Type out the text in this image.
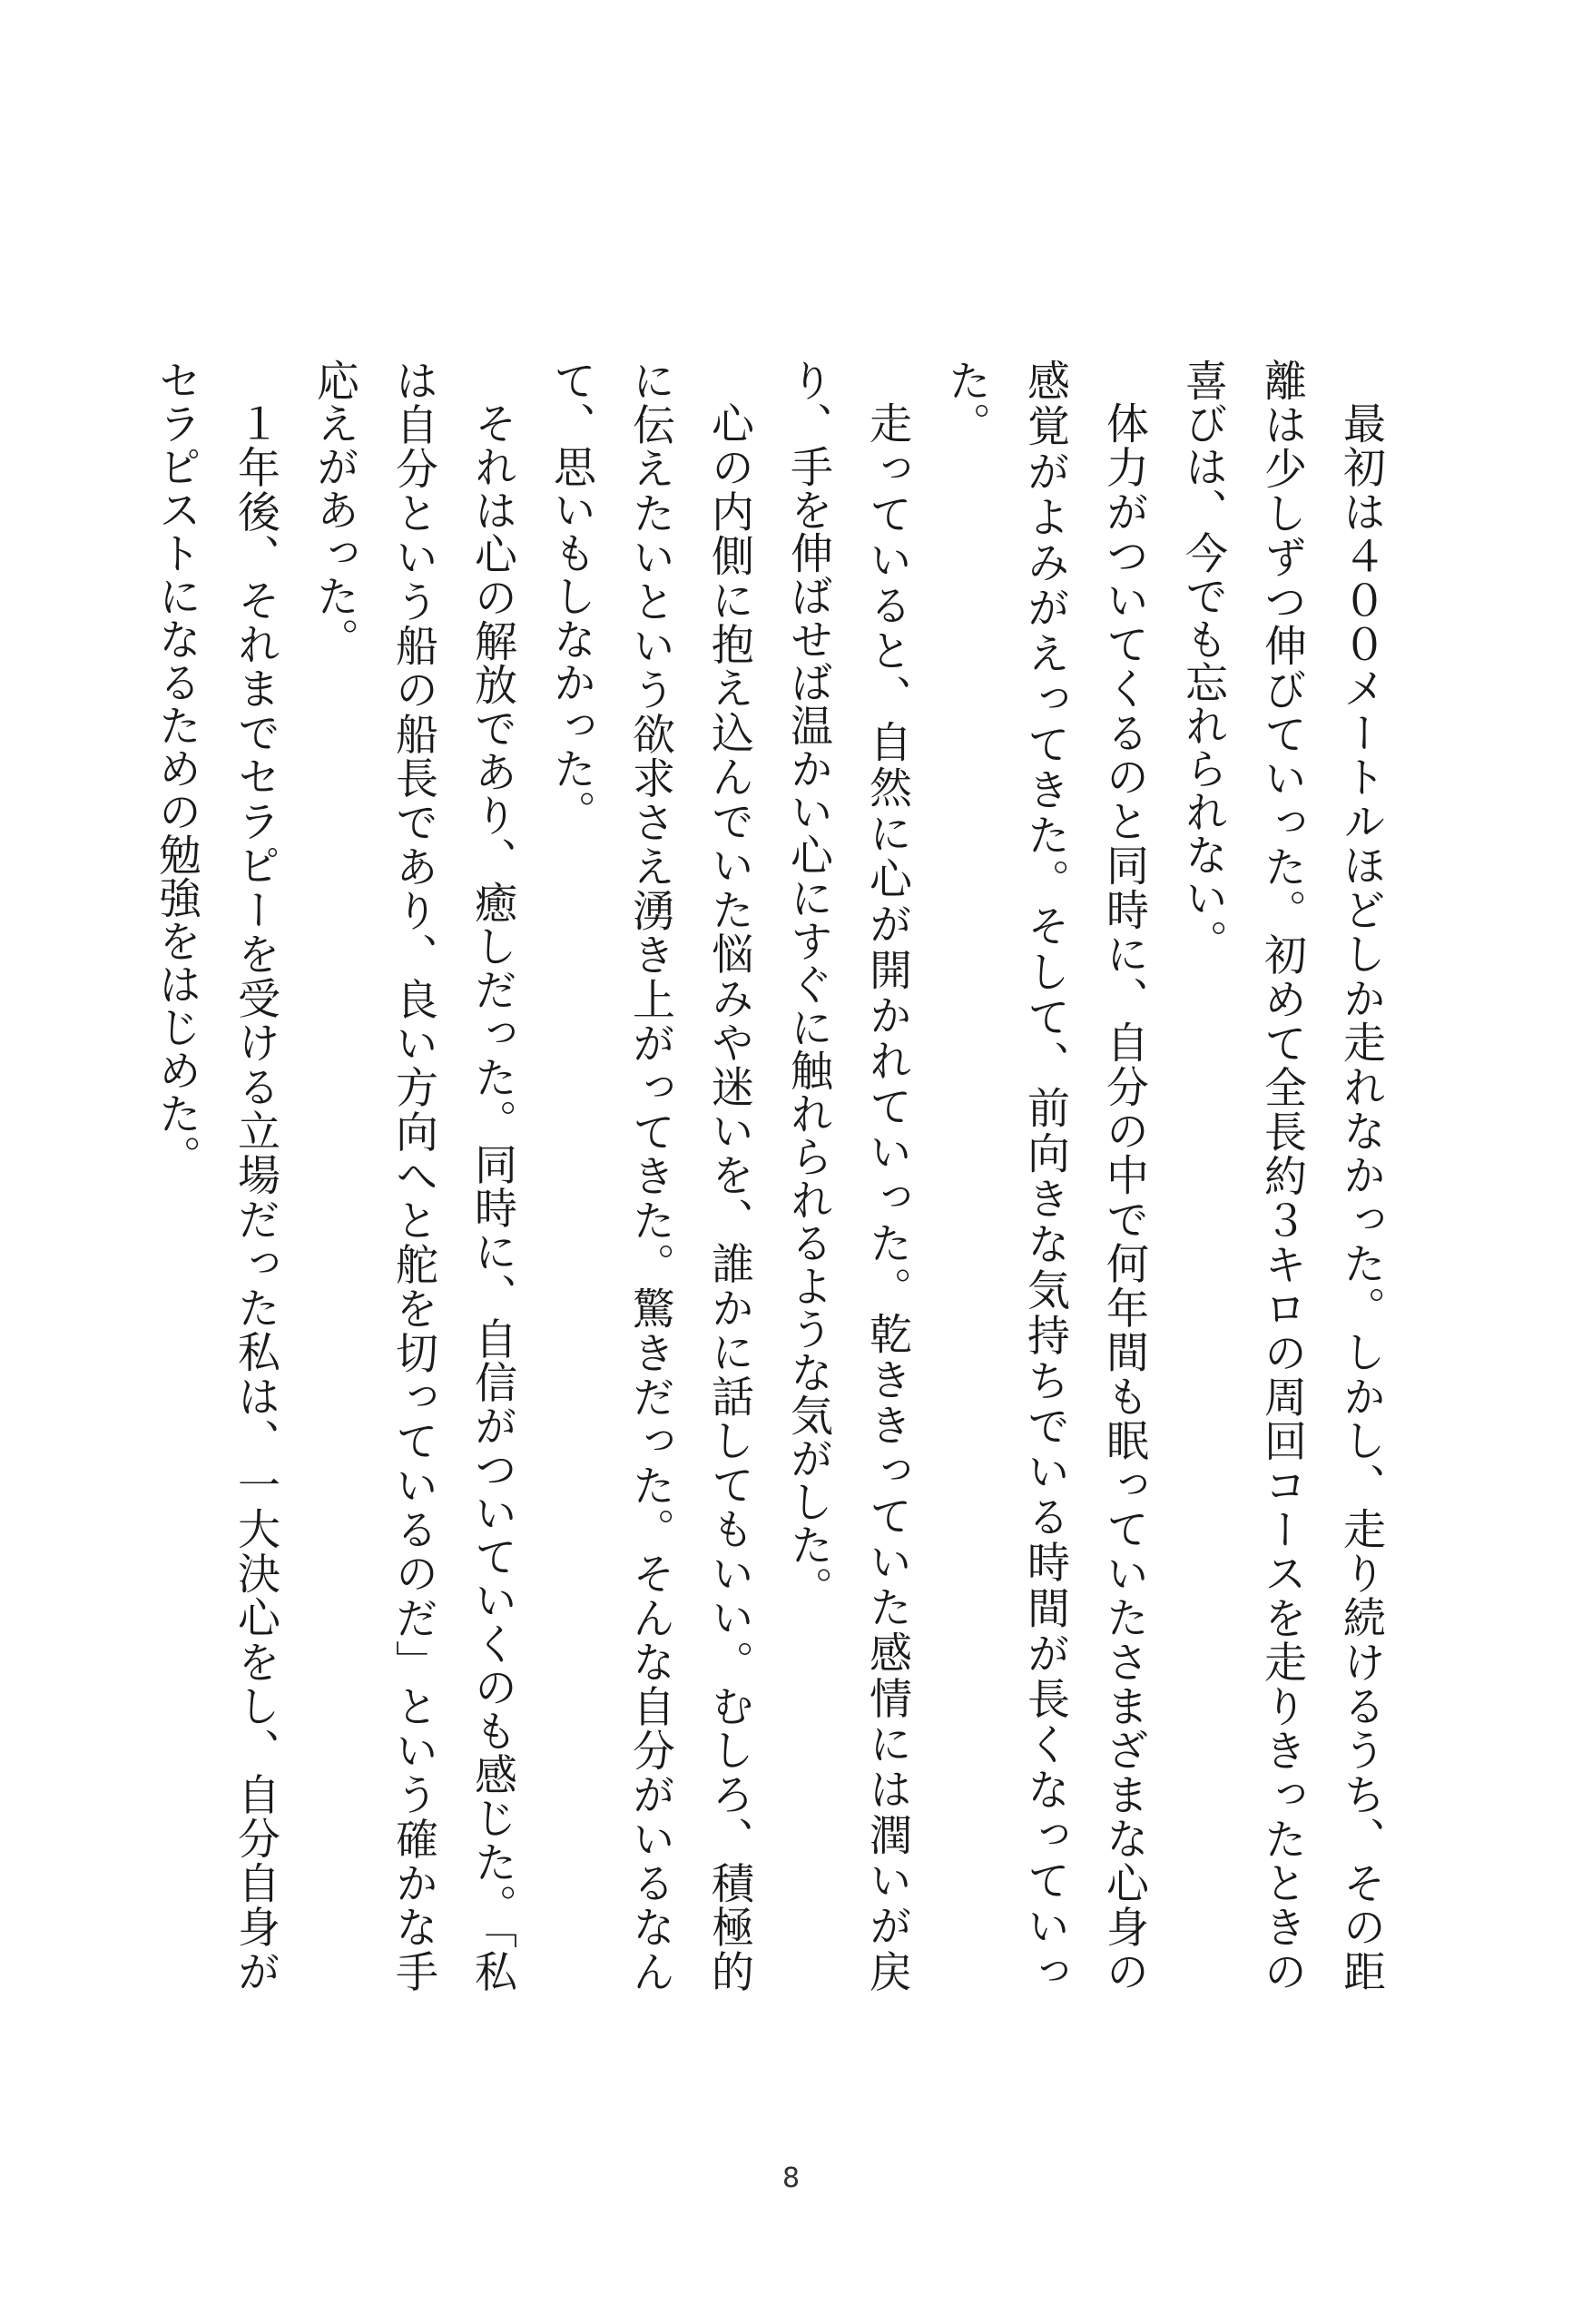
最初は４００メートルほどしか走れなかった。しかし、走り続けるうち、その距離は少しずつ伸びていった。初めて全長約３キロの周回コースを走りきったときの喜びは、今でも忘れられない。

体力がついてくるのと同時に、自分の中で何年間も眠っていたさまざまな心身の感覚がよみがえってきた。そして、前向きな気持ちでいる時間が長くなっていった。

走っていると、自然に心が開かれていった。乾ききっていた感情には潤いが戻り、手を伸ばせば温かい心にすぐに触れられるような気がした。

心の内側に抱え込んでいた悩みや迷いを、誰かに話してもいい。むしろ、積極的に伝えたいという欲求さえ湧き上がってきた。驚きだった。そんな自分がいるなんて、思いもしなかった。

それは心の解放であり、癒しだった。同時に、自信がついていくのも感じた。「私は自分という船の船長であり、良い方向へと舵を切っているのだ」という確かな手応えがあった。

１年後、それまでセラピーを受ける立場だった私は、一大決心をし、自分自身がセラピストになるための勉強をはじめた。

8
